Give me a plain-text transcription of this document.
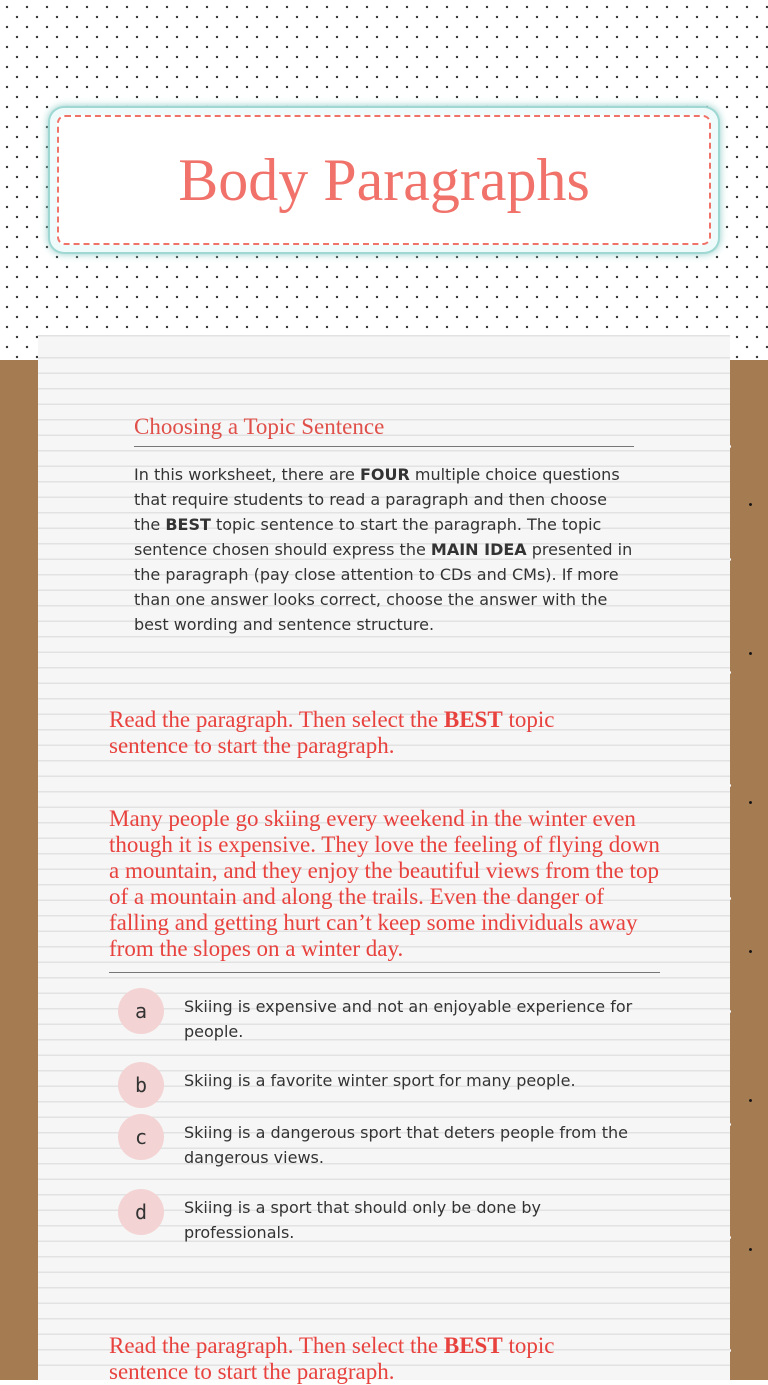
Body Paragraphs
Choosing a Topic Sentence
In this worksheet, there are FOUR multiple choice questions that require students to read a paragraph and then choose the BEST topic sentence to start the paragraph. The topic sentence chosen should express the MAIN IDEA presented in the paragraph (pay close attention to CDs and CMs). If more than one answer looks correct, choose the answer with the best wording and sentence structure.
Read the paragraph. Then select the BEST topic sentence to start the paragraph.
Many people go skiing every weekend in the winter even though it is expensive. They love the feeling of flying down a mountain, and they enjoy the beautiful views from the top of a mountain and along the trails. Even the danger of falling and getting hurt can’t keep some individuals away from the slopes on a winter day.
a	Skiing is expensive and not an enjoyable experience for people.
b	Skiing is a favorite winter sport for many people.
c	Skiing is a dangerous sport that deters people from the dangerous views.
d	Skiing is a sport that should only be done by professionals.
Read the paragraph. Then select the BEST topic sentence to start the paragraph.
